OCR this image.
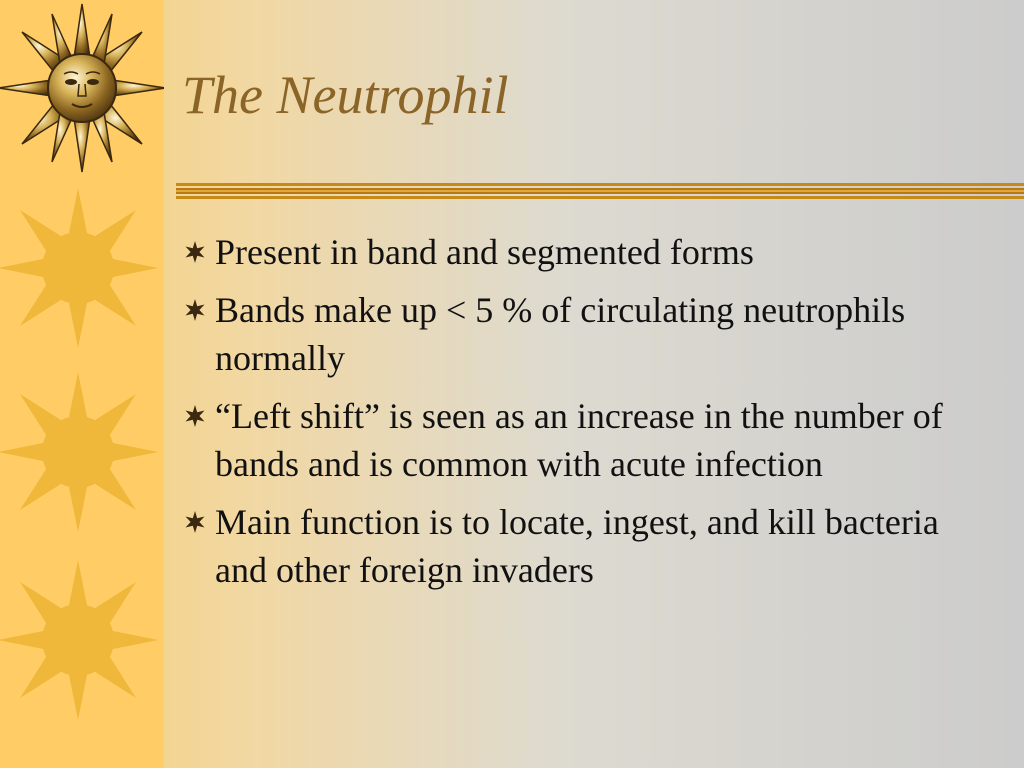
The Neutrophil
Present in band and segmented forms
Bands make up < 5 % of circulating neutrophils normally
“Left shift” is seen as an increase in the number of bands and is common with acute infection
Main function is to locate, ingest, and kill bacteria and other foreign invaders
